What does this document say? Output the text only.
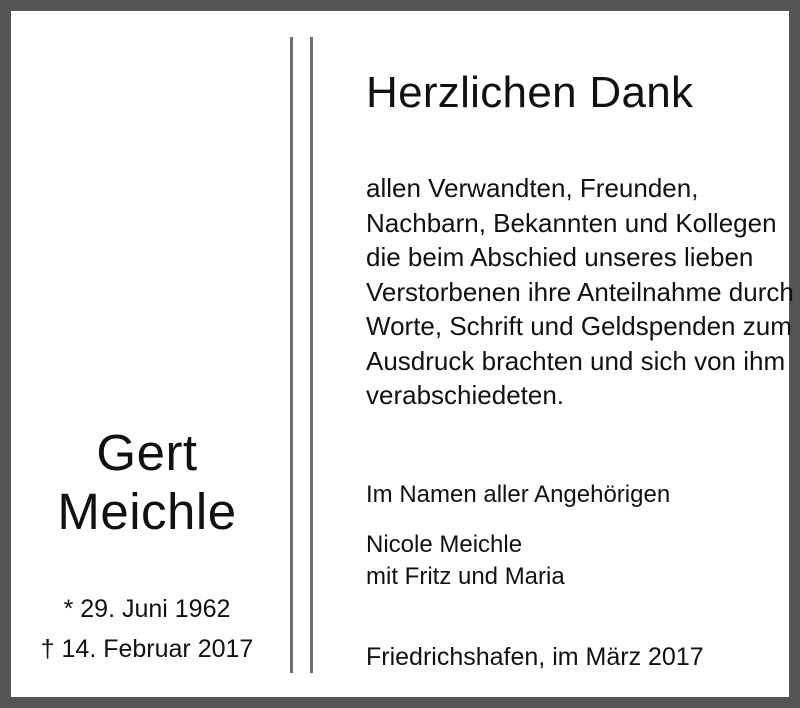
Gert
Meichle
* 29. Juni 1962
† 14. Februar 2017
Herzlichen Dank
allen Verwandten, Freunden, Nachbarn, Bekannten und Kollegen die beim Abschied unseres lieben Verstorbenen ihre Anteilnahme durch Worte, Schrift und Geldspenden zum Ausdruck brachten und sich von ihm verabschiedeten.
Im Namen aller Angehörigen
Nicole Meichle
mit Fritz und Maria
Friedrichshafen, im März 2017
